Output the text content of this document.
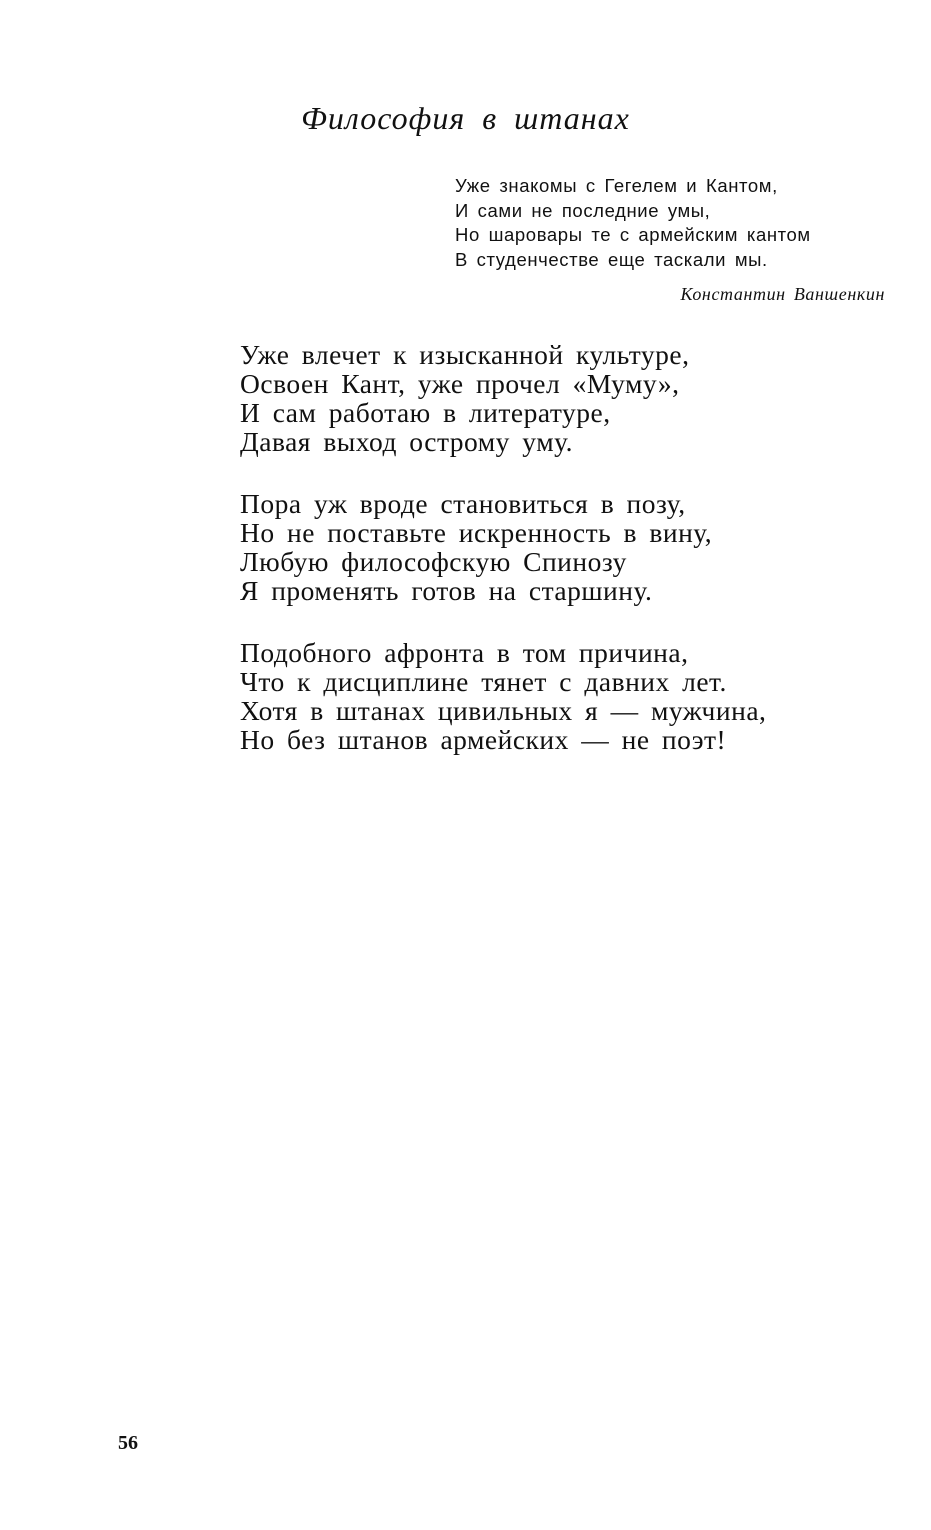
Философия в штанах
Уже знакомы с Гегелем и Кантом,
И сами не последние умы,
Но шаровары те с армейским кантом
В студенчестве еще таскали мы.
Константин Ваншенкин
Уже влечет к изысканной культуре,
Освоен Кант, уже прочел «Муму»,
И сам работаю в литературе,
Давая выход острому уму.
Пора уж вроде становиться в позу,
Но не поставьте искренность в вину,
Любую философскую Спинозу
Я променять готов на старшину.
Подобного афронта в том причина,
Что к дисциплине тянет с давних лет.
Хотя в штанах цивильных я — мужчина,
Но без штанов армейских — не поэт!
56
